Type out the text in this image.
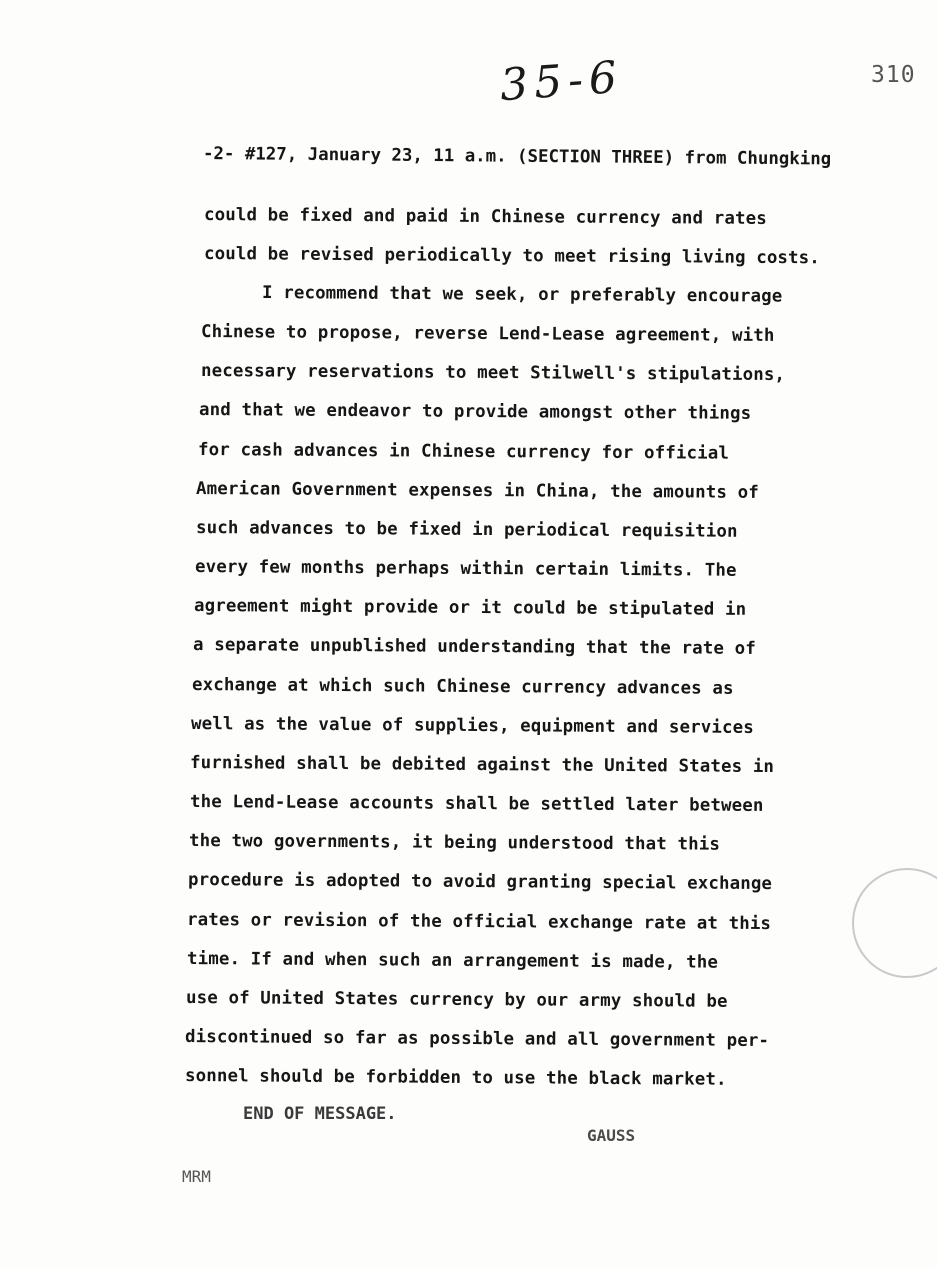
35-6	310
-2- #127, January 23, 11 a.m. (SECTION THREE) from Chungking
could be fixed and paid in Chinese currency and rates
could be revised periodically to meet rising living costs.
I recommend that we seek, or preferably encourage
Chinese to propose, reverse Lend-Lease agreement, with
necessary reservations to meet Stilwell's stipulations,
and that we endeavor to provide amongst other things
for cash advances in Chinese currency for official
American Government expenses in China, the amounts of
such advances to be fixed in periodical requisition
every few months perhaps within certain limits. The
agreement might provide or it could be stipulated in
a separate unpublished understanding that the rate of
exchange at which such Chinese currency advances as
well as the value of supplies, equipment and services
furnished shall be debited against the United States in
the Lend-Lease accounts shall be settled later between
the two governments, it being understood that this
procedure is adopted to avoid granting special exchange
rates or revision of the official exchange rate at this
time. If and when such an arrangement is made, the
use of United States currency by our army should be
discontinued so far as possible and all government per-
sonnel should be forbidden to use the black market.
END OF MESSAGE.
GAUSS
MRM
